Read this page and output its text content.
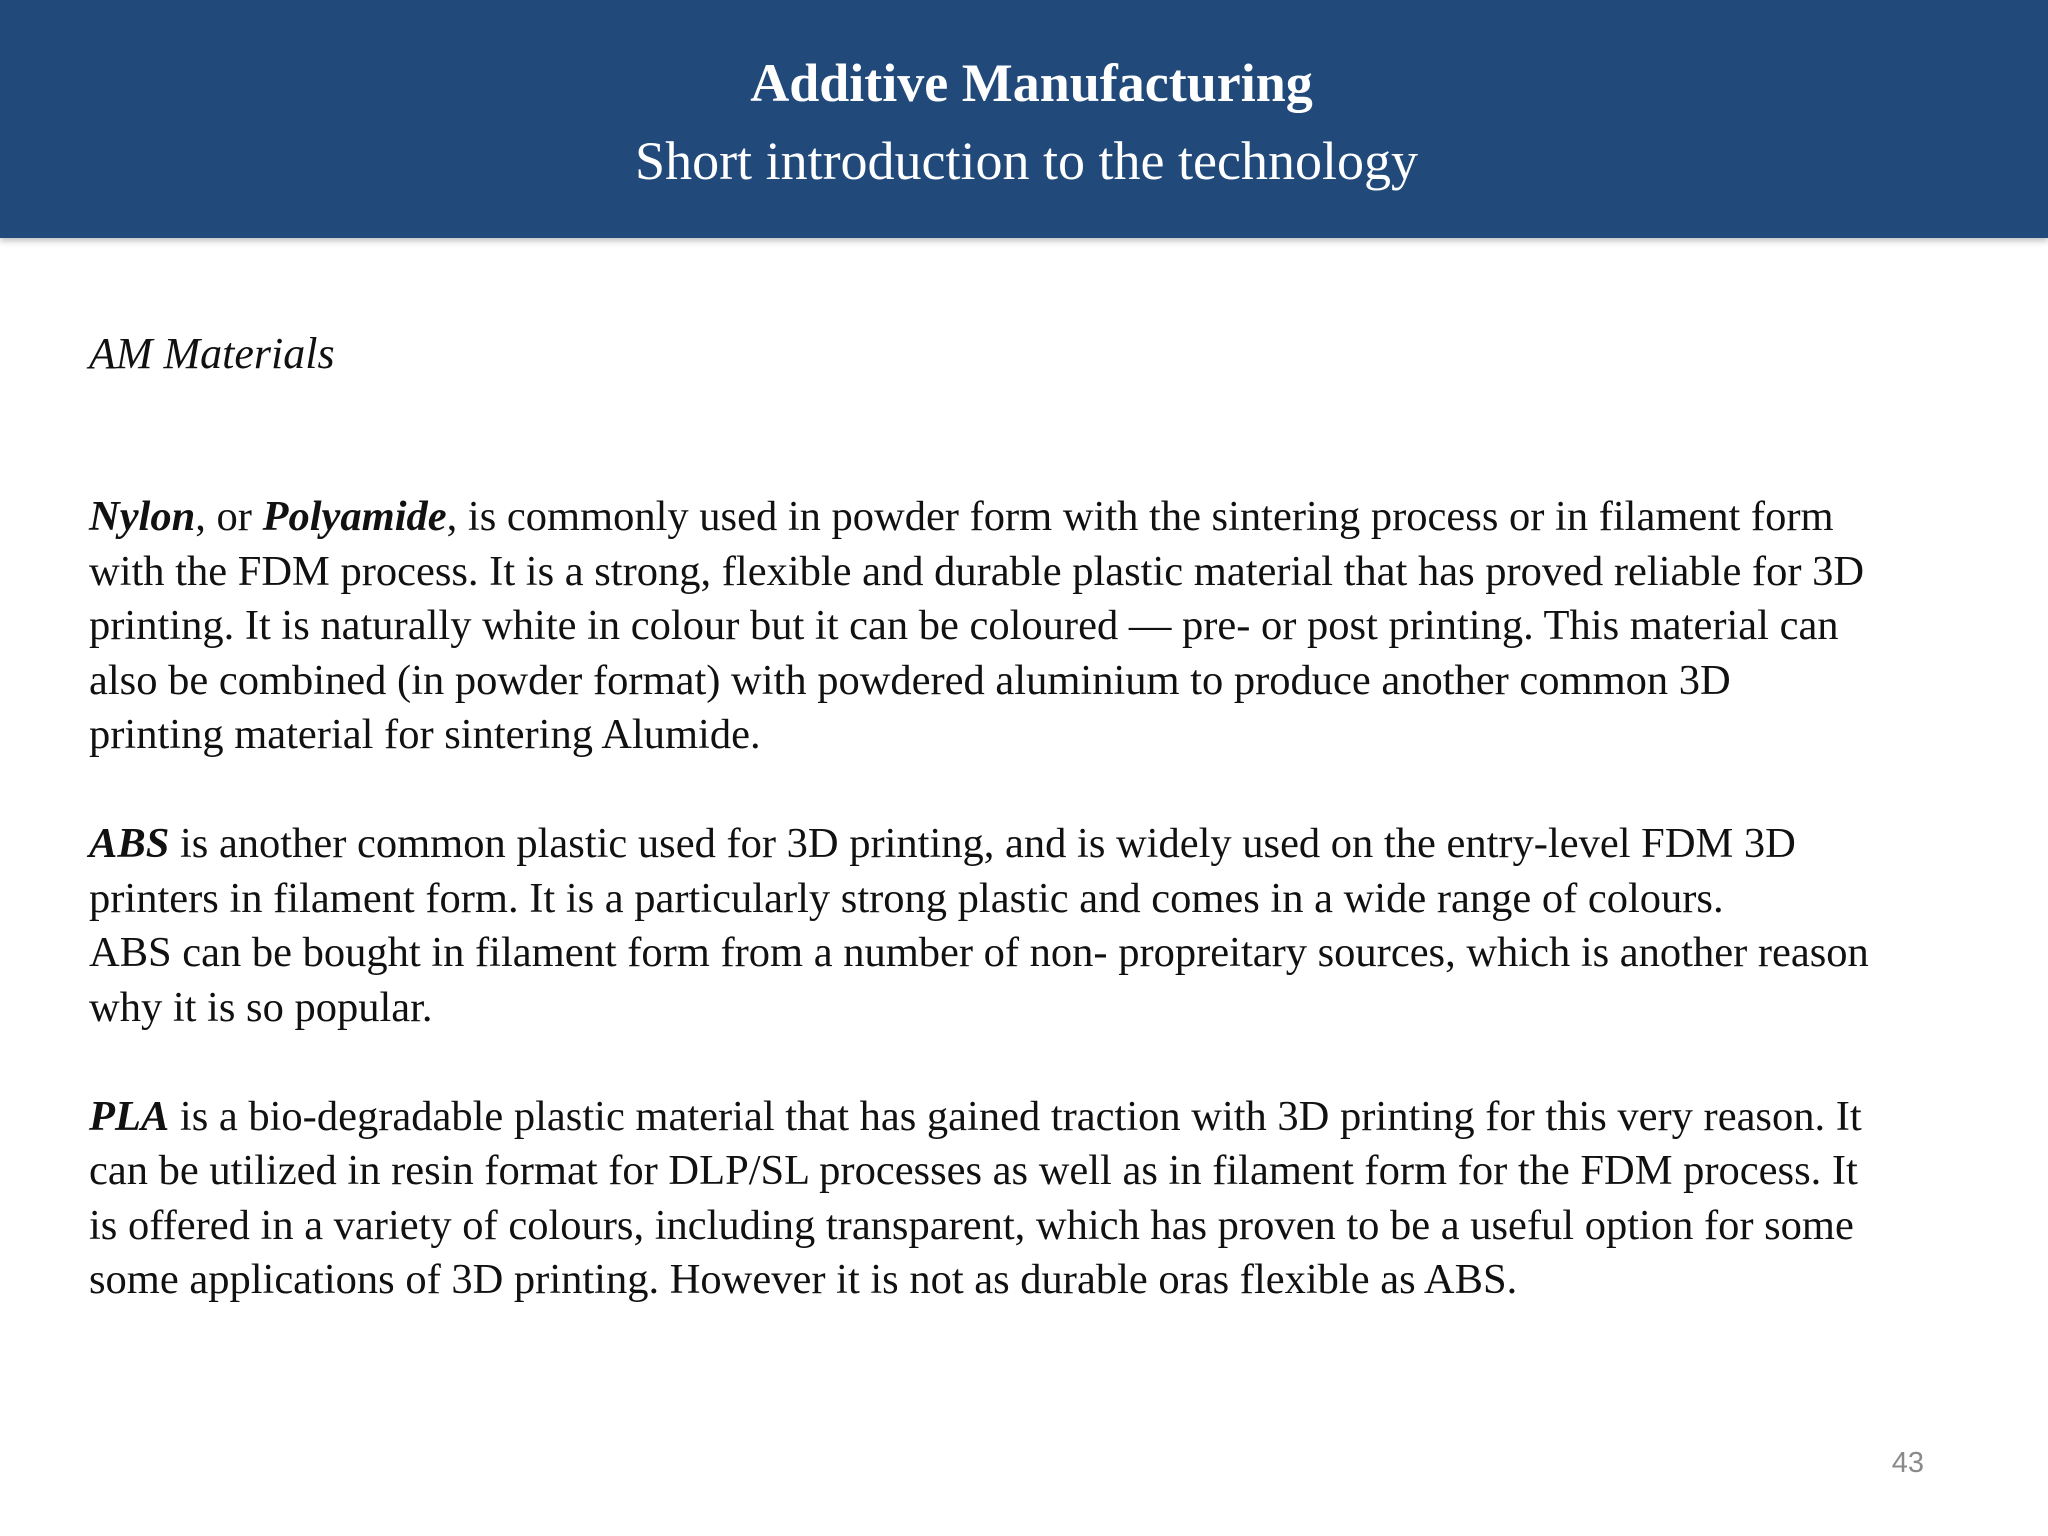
Additive Manufacturing
Short introduction to the technology
AM Materials

Nylon, or Polyamide, is commonly used in powder form with the sintering process or in filament form
with the FDM process. It is a strong, flexible and durable plastic material that has proved reliable for 3D
printing. It is naturally white in colour but it can be coloured — pre- or post printing. This material can
also be combined (in powder format) with powdered aluminium to produce another common 3D
printing material for sintering Alumide.

ABS is another common plastic used for 3D printing, and is widely used on the entry-level FDM 3D
printers in filament form. It is a particularly strong plastic and comes in a wide range of colours.
ABS can be bought in filament form from a number of non- propreitary sources, which is another reason
why it is so popular.

PLA is a bio-degradable plastic material that has gained traction with 3D printing for this very reason. It
can be utilized in resin format for DLP/SL processes as well as in filament form for the FDM process. It
is offered in a variety of colours, including transparent, which has proven to be a useful option for some
some applications of 3D printing. However it is not as durable oras flexible as ABS.

43
